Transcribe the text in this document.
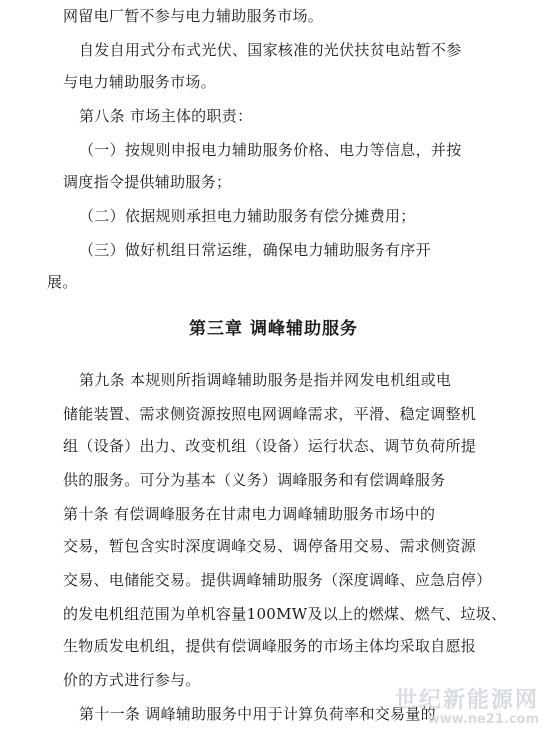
网留电厂暂不参与电力辅助服务市场。
自发自用式分布式光伏、国家核准的光伏扶贫电站暂不参
与电力辅助服务市场。
第八条 市场主体的职责：
（一）按规则申报电力辅助服务价格、电力等信息，并按
调度指令提供辅助服务；
（二）依据规则承担电力辅助服务有偿分摊费用；
（三）做好机组日常运维，确保电力辅助服务有序开
展。
第三章 调峰辅助服务
第九条 本规则所指调峰辅助服务是指并网发电机组或电
储能装置、需求侧资源按照电网调峰需求，平滑、稳定调整机
组（设备）出力、改变机组（设备）运行状态、调节负荷所提
供的服务。可分为基本（义务）调峰服务和有偿调峰服务
第十条 有偿调峰服务在甘肃电力调峰辅助服务市场中的
交易，暂包含实时深度调峰交易、调停备用交易、需求侧资源
交易、电储能交易。提供调峰辅助服务（深度调峰、应急启停）
的发电机组范围为单机容量100MW及以上的燃煤、燃气、垃圾、
生物质发电机组，提供有偿调峰服务的市场主体均采取自愿报
价的方式进行参与。
第十一条 调峰辅助服务中用于计算负荷率和交易量的
世纪新能源网
www.ne21.com
